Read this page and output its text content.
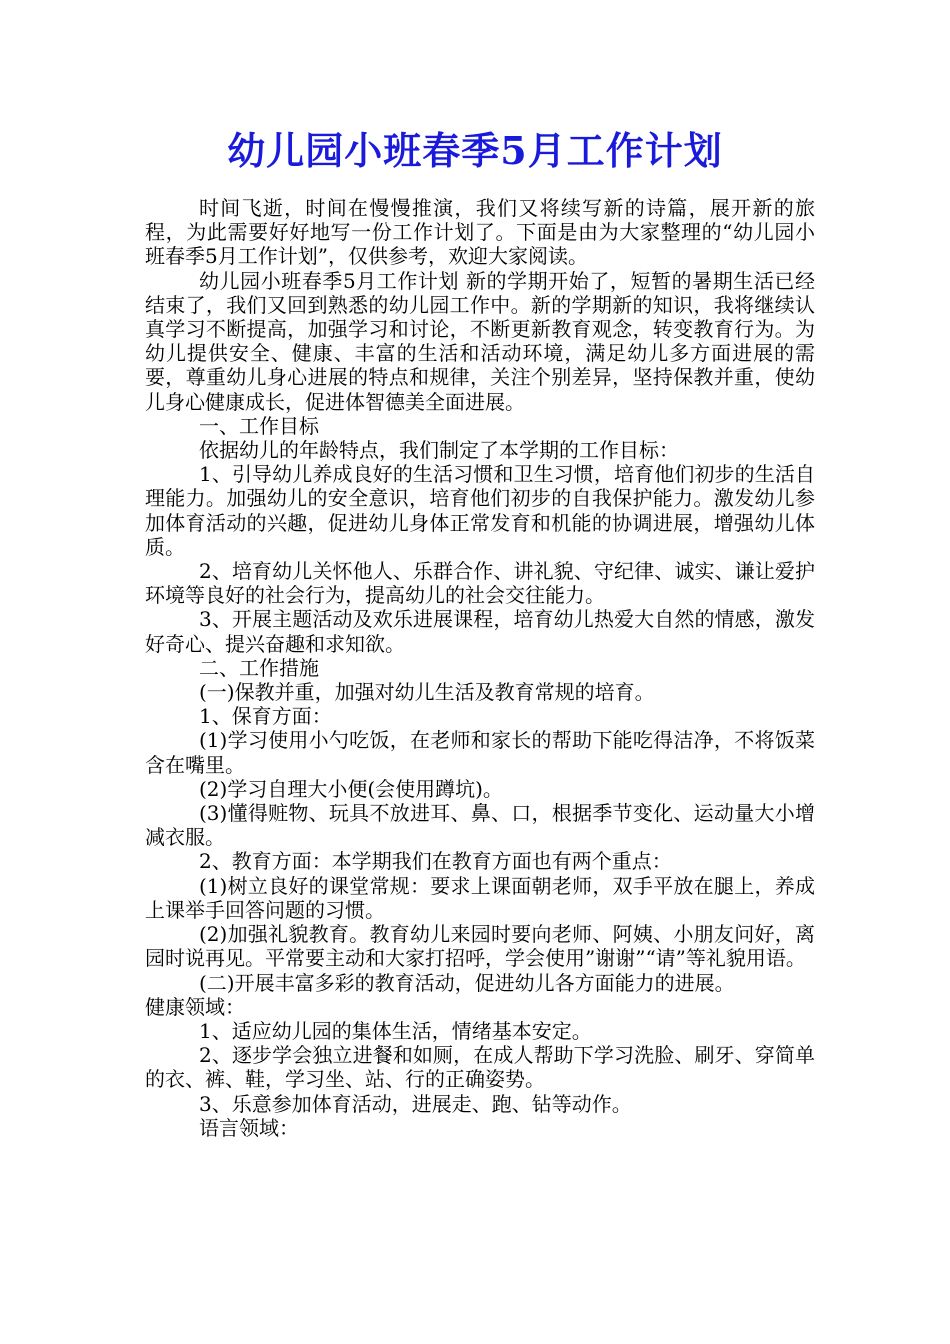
幼儿园小班春季5月工作计划

时间飞逝，时间在慢慢推演，我们又将续写新的诗篇，展开新的旅程，为此需要好好地写一份工作计划了。下面是由为大家整理的“幼儿园小班春季5月工作计划”，仅供参考，欢迎大家阅读。

幼儿园小班春季5月工作计划 新的学期开始了，短暂的暑期生活已经结束了，我们又回到熟悉的幼儿园工作中。新的学期新的知识，我将继续认真学习不断提高，加强学习和讨论，不断更新教育观念，转变教育行为。为幼儿提供安全、健康、丰富的生活和活动环境，满足幼儿多方面进展的需要，尊重幼儿身心进展的特点和规律，关注个别差异，坚持保教并重，使幼儿身心健康成长，促进体智德美全面进展。

一、工作目标

依据幼儿的年龄特点，我们制定了本学期的工作目标：

1、引导幼儿养成良好的生活习惯和卫生习惯，培育他们初步的生活自理能力。加强幼儿的安全意识，培育他们初步的自我保护能力。激发幼儿参加体育活动的兴趣，促进幼儿身体正常发育和机能的协调进展，增强幼儿体质。

2、培育幼儿关怀他人、乐群合作、讲礼貌、守纪律、诚实、谦让爱护环境等良好的社会行为，提高幼儿的社会交往能力。

3、开展主题活动及欢乐进展课程，培育幼儿热爱大自然的情感，激发好奇心、提兴奋趣和求知欲。

二、工作措施

(一)保教并重，加强对幼儿生活及教育常规的培育。

1、保育方面：

(1)学习使用小勺吃饭，在老师和家长的帮助下能吃得洁净，不将饭菜含在嘴里。

(2)学习自理大小便(会使用蹲坑)。

(3)懂得赃物、玩具不放进耳、鼻、口，根据季节变化、运动量大小增减衣服。

2、教育方面：本学期我们在教育方面也有两个重点：

(1)树立良好的课堂常规：要求上课面朝老师，双手平放在腿上，养成上课举手回答问题的习惯。

(2)加强礼貌教育。教育幼儿来园时要向老师、阿姨、小朋友问好，离园时说再见。平常要主动和大家打招呼，学会使用”谢谢”“请”等礼貌用语。

(二)开展丰富多彩的教育活动，促进幼儿各方面能力的进展。

健康领域：

1、适应幼儿园的集体生活，情绪基本安定。

2、逐步学会独立进餐和如厕，在成人帮助下学习洗脸、刷牙、穿简单的衣、裤、鞋，学习坐、站、行的正确姿势。

3、乐意参加体育活动，进展走、跑、钻等动作。

语言领域：
